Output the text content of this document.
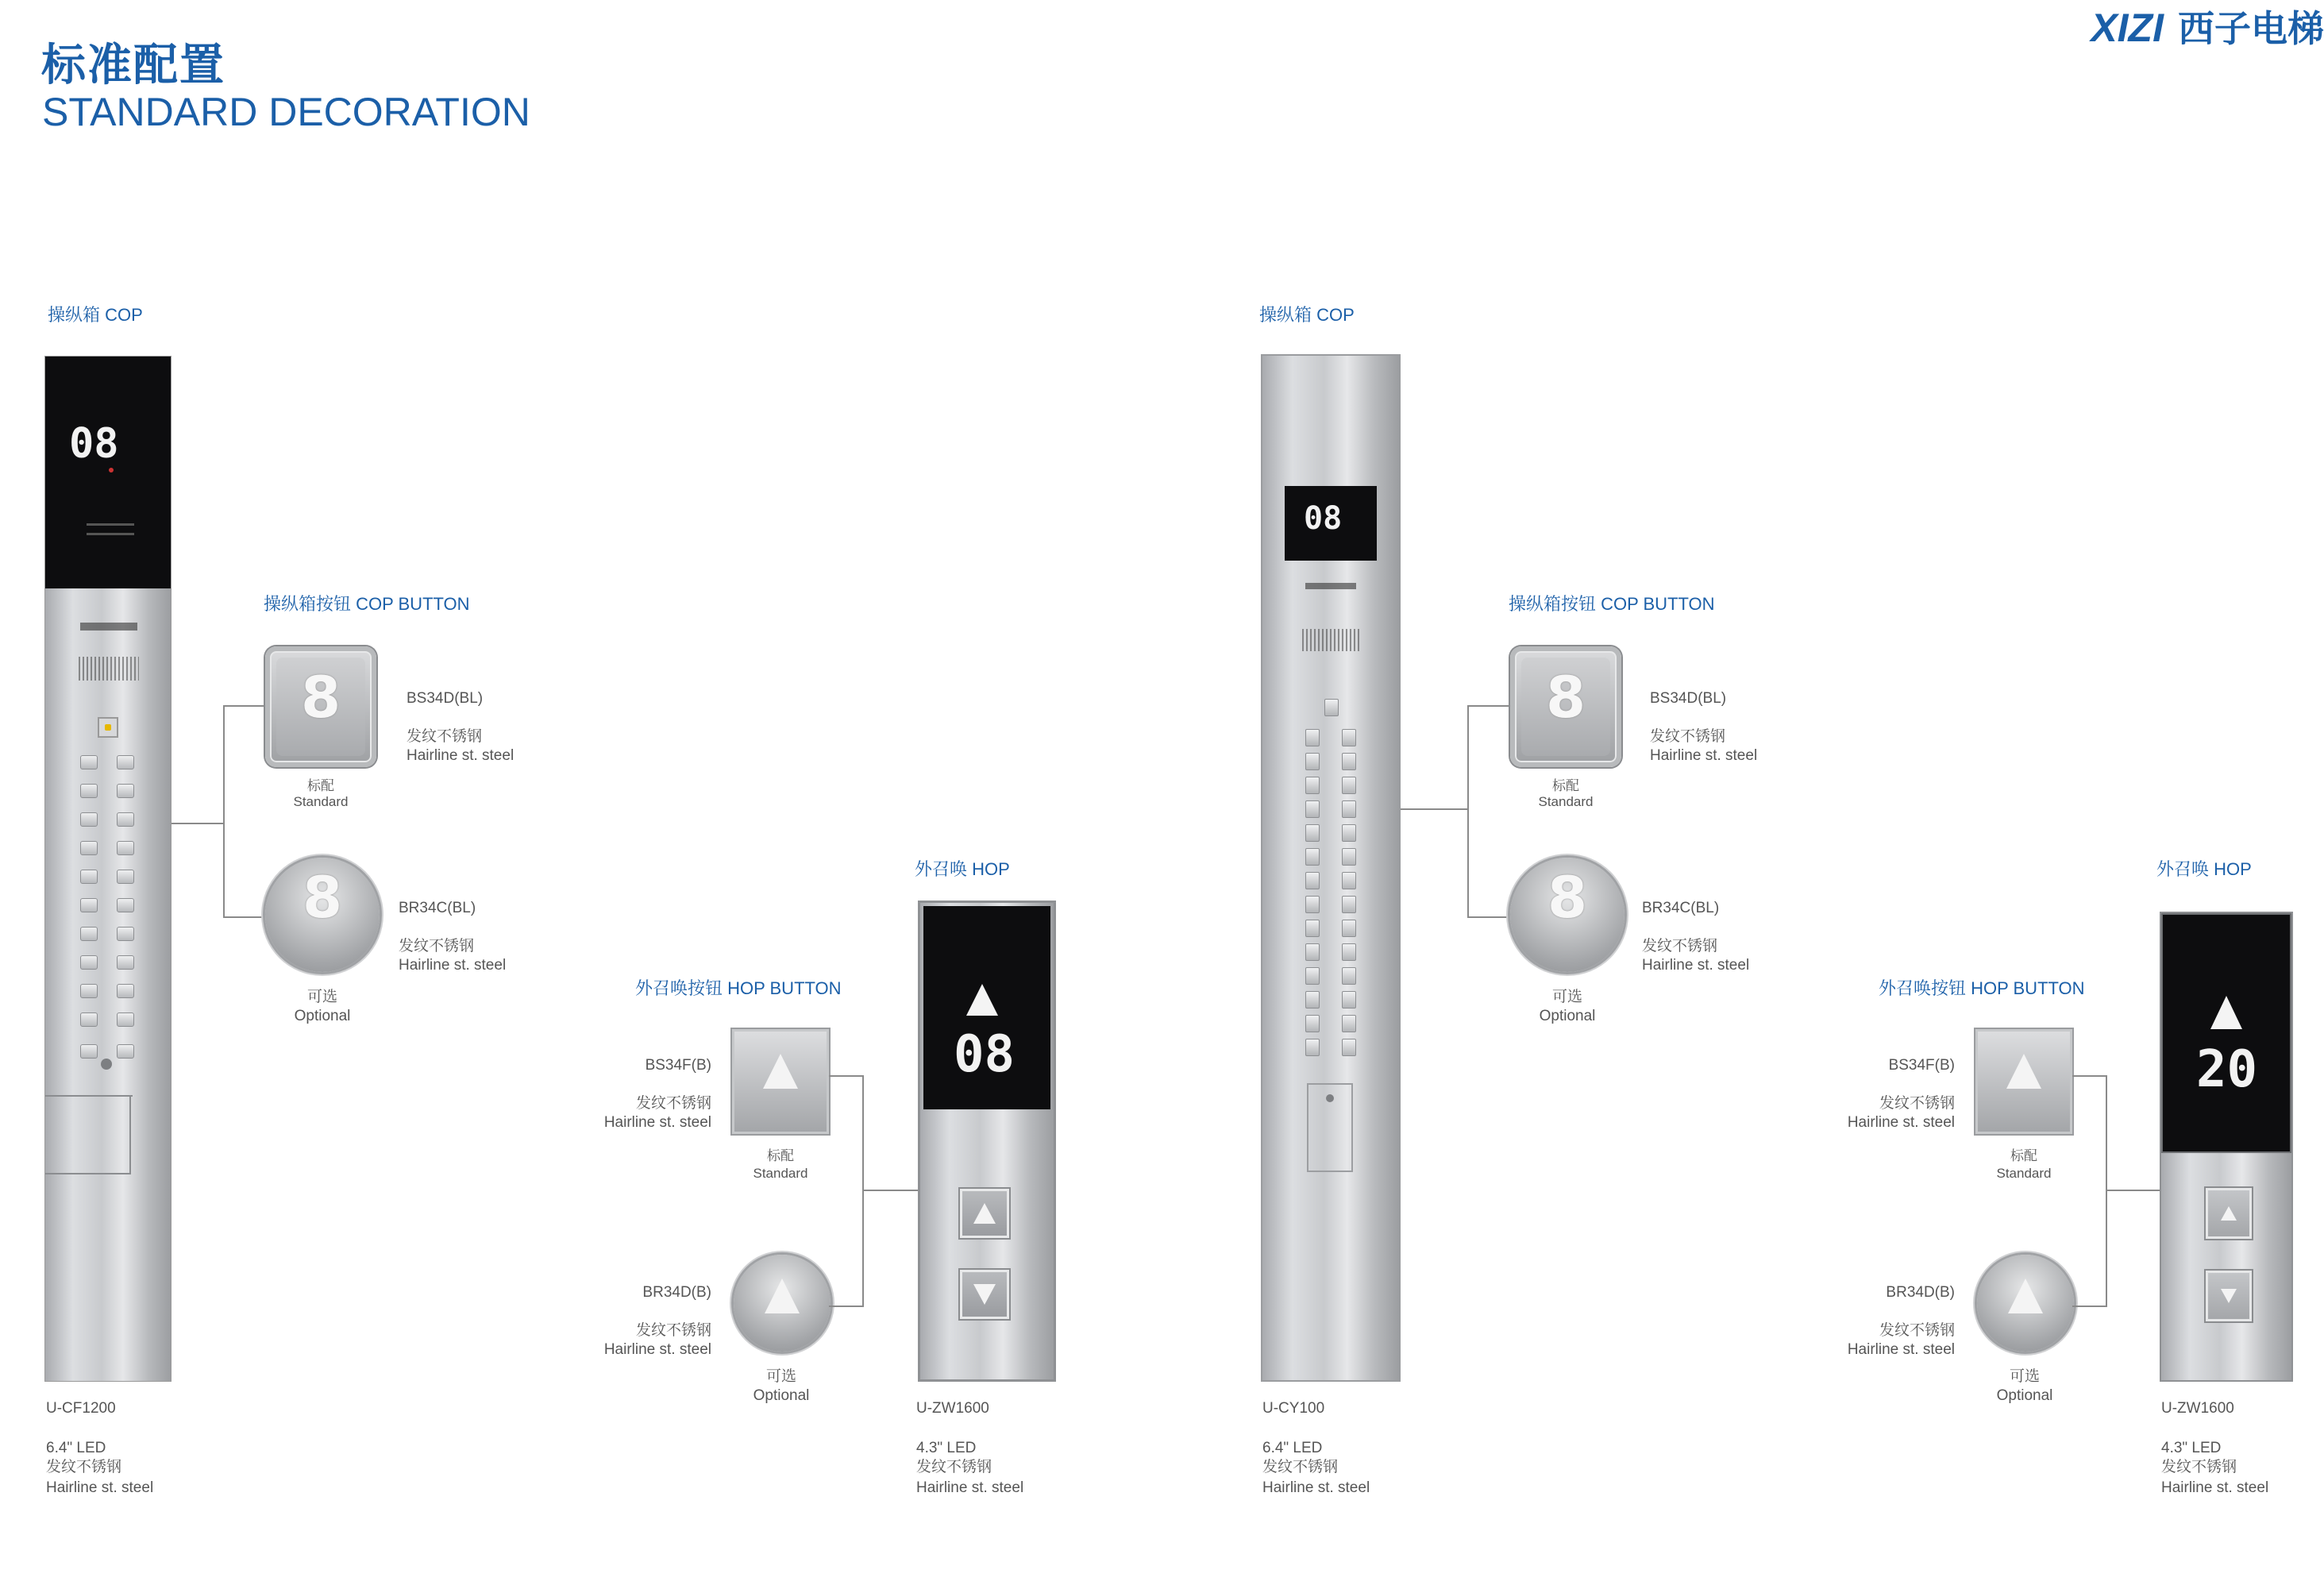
标准配置
STANDARD DECORATION
XIZI 西子电梯
操纵箱 COP
08
操纵箱按钮 COP BUTTON
8	BS34D(BL)
发纹不锈钢
Hairline st. steel
标配
Standard
8	BR34C(BL)
发纹不锈钢
Hairline st. steel
可选
Optional
外召唤按钮 HOP BUTTON
BS34F(B)
发纹不锈钢
Hairline st. steel
标配
Standard
BR34D(B)
发纹不锈钢
Hairline st. steel
可选
Optional
外召唤 HOP
08
U-CF1200
6.4" LED
发纹不锈钢
Hairline st. steel
U-ZW1600
4.3" LED
发纹不锈钢
Hairline st. steel
操纵箱 COP
08
操纵箱按钮 COP BUTTON
8	BS34D(BL)
发纹不锈钢
Hairline st. steel
标配
Standard
8	BR34C(BL)
发纹不锈钢
Hairline st. steel
可选
Optional
外召唤按钮 HOP BUTTON
BS34F(B)
发纹不锈钢
Hairline st. steel
标配
Standard
BR34D(B)
发纹不锈钢
Hairline st. steel
可选
Optional
外召唤 HOP
20
U-CY100
6.4" LED
发纹不锈钢
Hairline st. steel
U-ZW1600
4.3" LED
发纹不锈钢
Hairline st. steel
